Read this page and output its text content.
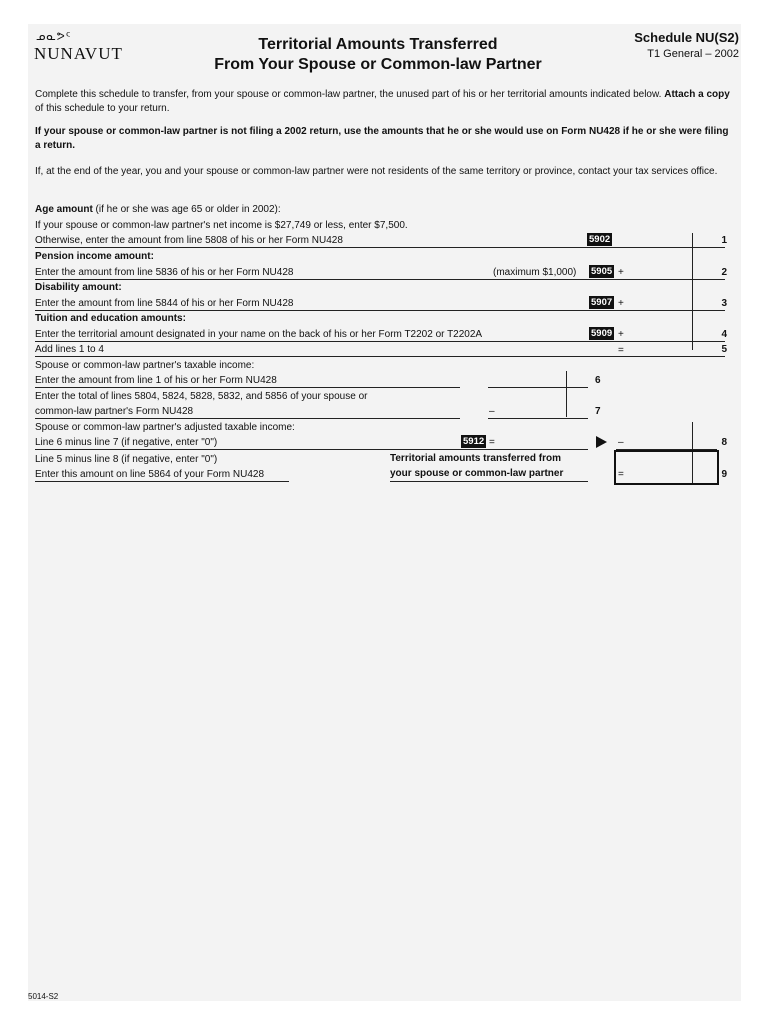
ᓄᓇᕗᑦ
NUNAVUT	Territorial Amounts Transferred
From Your Spouse or Common-law Partner
Schedule NU(S2)
T1 General – 2002
Complete this schedule to transfer, from your spouse or common-law partner, the unused part of his or her territorial amounts indicated below. Attach a copy of this schedule to your return.
If your spouse or common-law partner is not filing a 2002 return, use the amounts that he or she would use on Form NU428 if he or she were filing a return.
If, at the end of the year, you and your spouse or common-law partner were not residents of the same territory or province, contact your tax services office.
Age amount (if he or she was age 65 or older in 2002):
If your spouse or common-law partner's net income is $27,749 or less, enter $7,500.
Otherwise, enter the amount from line 5808 of his or her Form NU428	5902	1
Pension income amount:
Enter the amount from line 5836 of his or her Form NU428	(maximum $1,000) 5905 +	2
Disability amount:
Enter the amount from line 5844 of his or her Form NU428	5907 +	3
Tuition and education amounts:
Enter the territorial amount designated in your name on the back of his or her Form T2202 or T2202A	5909 +	4
Add lines 1 to 4	=	5
Spouse or common-law partner's taxable income:
Enter the amount from line 1 of his or her Form NU428	6
Enter the total of lines 5804, 5824, 5828, 5832, and 5856 of your spouse or
common-law partner's Form NU428	–	7
Spouse or common-law partner's adjusted taxable income:
Line 6 minus line 7 (if negative, enter "0")	5912 =	–	8
Line 5 minus line 8 (if negative, enter "0")
Enter this amount on line 5864 of your Form NU428
Territorial amounts transferred from
your spouse or common-law partner	=	9
5014-S2
